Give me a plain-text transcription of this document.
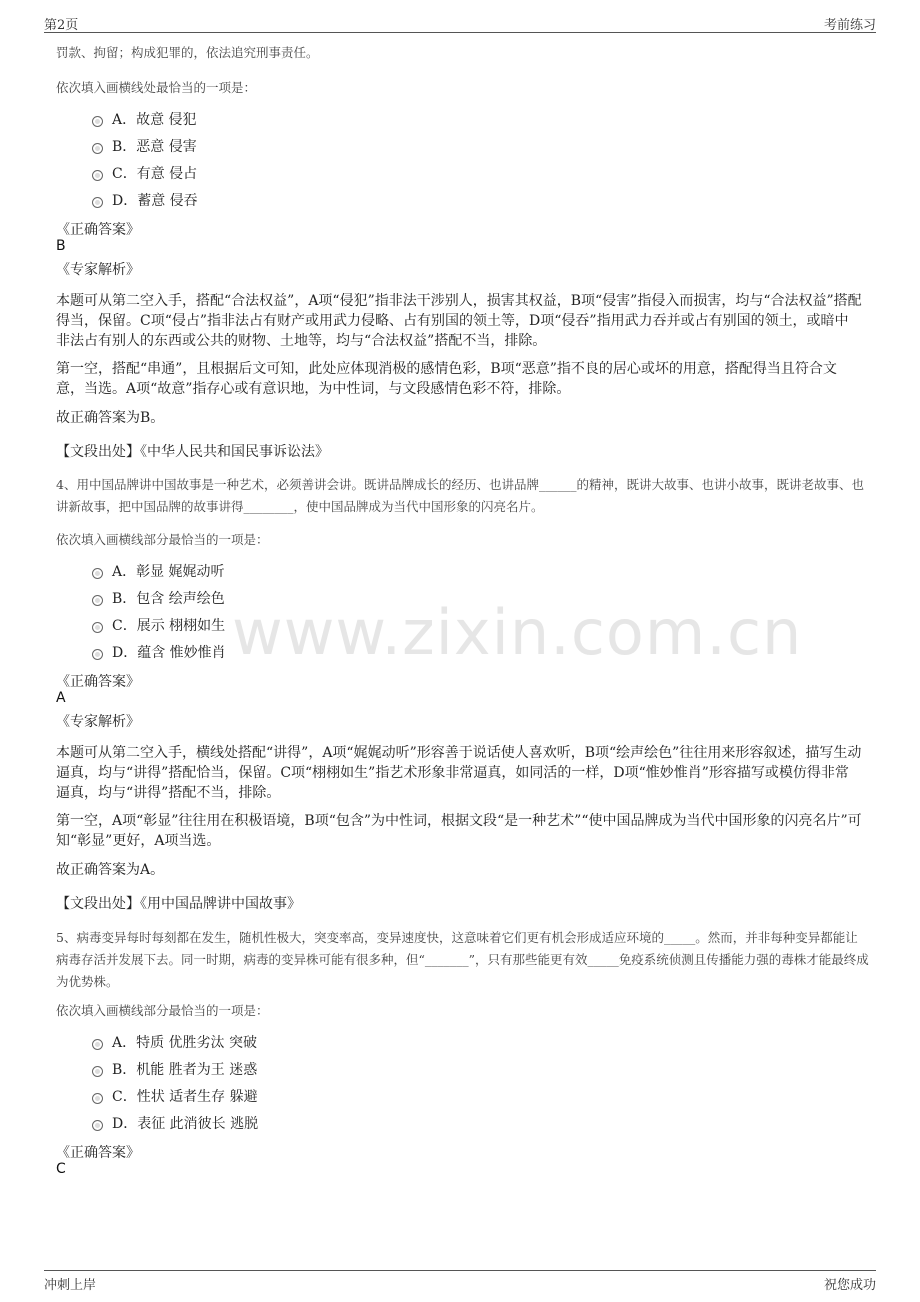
第2页	考前练习
www.zixin.com.cn
罚款、拘留；构成犯罪的，依法追究刑事责任。
依次填入画横线处最恰当的一项是：
A．故意 侵犯
B．恶意 侵害
C．有意 侵占
D．蓄意 侵吞
《正确答案》
B
《专家解析》
本题可从第二空入手，搭配“合法权益”，A项“侵犯”指非法干涉别人，损害其权益，B项“侵害”指侵入而损害，均与“合法权益”搭配得当，保留。C项“侵占”指非法占有财产或用武力侵略、占有别国的领土等，D项“侵吞”指用武力吞并或占有别国的领土，或暗中非法占有别人的东西或公共的财物、土地等，均与“合法权益”搭配不当，排除。
第一空，搭配“串通”，且根据后文可知，此处应体现消极的感情色彩，B项“恶意”指不良的居心或坏的用意，搭配得当且符合文意，当选。A项“故意”指存心或有意识地，为中性词，与文段感情色彩不符，排除。
故正确答案为B。
【文段出处】《中华人民共和国民事诉讼法》
4、用中国品牌讲中国故事是一种艺术，必须善讲会讲。既讲品牌成长的经历、也讲品牌______的精神，既讲大故事、也讲小故事，既讲老故事、也讲新故事，把中国品牌的故事讲得________，使中国品牌成为当代中国形象的闪亮名片。
依次填入画横线部分最恰当的一项是：
A．彰显 娓娓动听
B．包含 绘声绘色
C．展示 栩栩如生
D．蕴含 惟妙惟肖
《正确答案》
A
《专家解析》
本题可从第二空入手，横线处搭配“讲得”，A项“娓娓动听”形容善于说话使人喜欢听，B项“绘声绘色”往往用来形容叙述，描写生动逼真，均与“讲得”搭配恰当，保留。C项“栩栩如生”指艺术形象非常逼真，如同活的一样，D项“惟妙惟肖”形容描写或模仿得非常逼真，均与“讲得”搭配不当，排除。
第一空，A项“彰显”往往用在积极语境，B项“包含”为中性词，根据文段“是一种艺术”“使中国品牌成为当代中国形象的闪亮名片”可知“彰显”更好，A项当选。
故正确答案为A。
【文段出处】《用中国品牌讲中国故事》
5、病毒变异每时每刻都在发生，随机性极大，突变率高，变异速度快，这意味着它们更有机会形成适应环境的_____。然而，并非每种变异都能让病毒存活并发展下去。同一时期，病毒的变异株可能有很多种，但“_______”，只有那些能更有效_____免疫系统侦测且传播能力强的毒株才能最终成为优势株。
依次填入画横线部分最恰当的一项是：
A．特质 优胜劣汰 突破
B．机能 胜者为王 迷惑
C．性状 适者生存 躲避
D．表征 此消彼长 逃脱
《正确答案》
C
冲刺上岸	祝您成功
